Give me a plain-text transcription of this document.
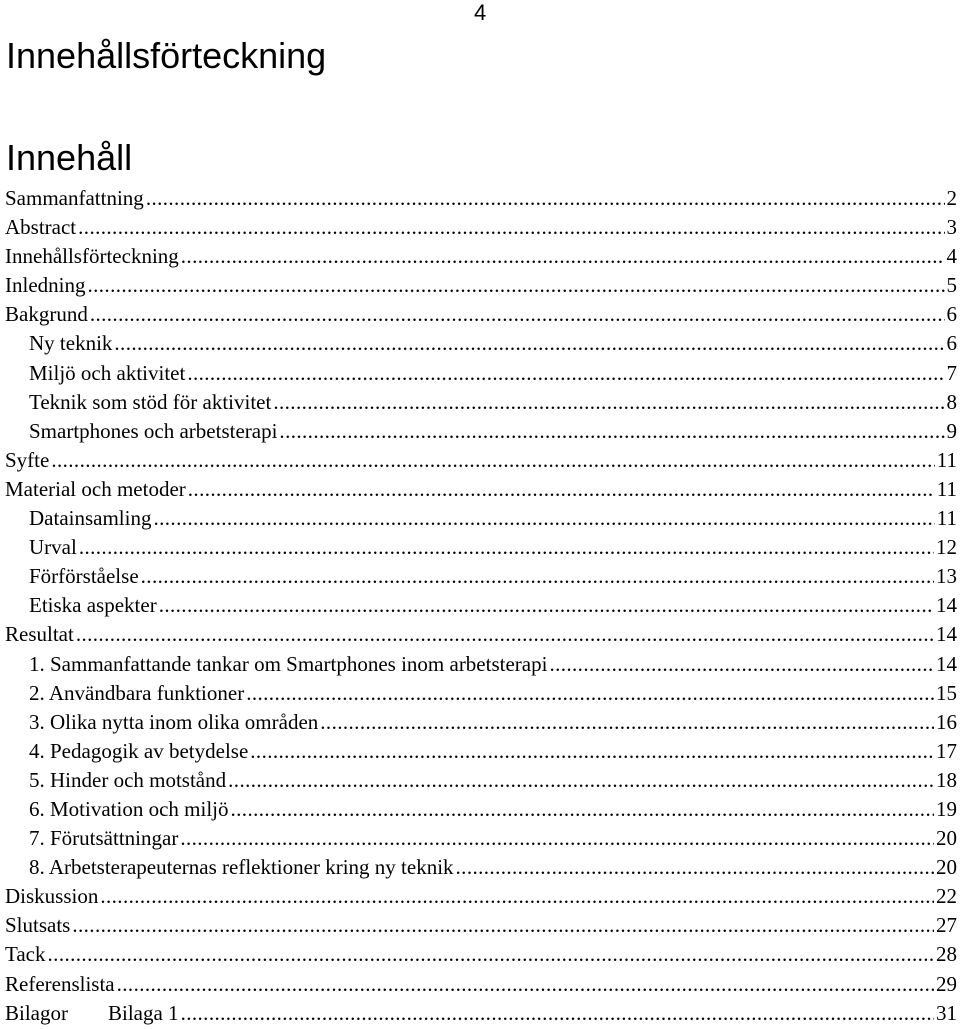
4
Innehållsförteckning
Innehåll
Sammanfattning .....	2
Abstract .....	3
Innehållsförteckning .....	4
Inledning .....	5
Bakgrund .....	6
Ny teknik .....	6
Miljö och aktivitet .....	7
Teknik som stöd för aktivitet .....	8
Smartphones och arbetsterapi .....	9
Syfte .....	11
Material och metoder .....	11
Datainsamling .....	11
Urval .....	12
Förförståelse .....	13
Etiska aspekter .....	14
Resultat .....	14
1. Sammanfattande tankar om Smartphones inom arbetsterapi .....	14
2. Användbara funktioner .....	15
3. Olika nytta inom olika områden .....	16
4. Pedagogik av betydelse .....	17
5. Hinder och motstånd .....	18
6. Motivation och miljö .....	19
7. Förutsättningar .....	20
8. Arbetsterapeuternas reflektioner kring ny teknik .....	20
Diskussion .....	22
Slutsats .....	27
Tack .....	28
Referenslista .....	29
Bilagor Bilaga 1 .....	31
